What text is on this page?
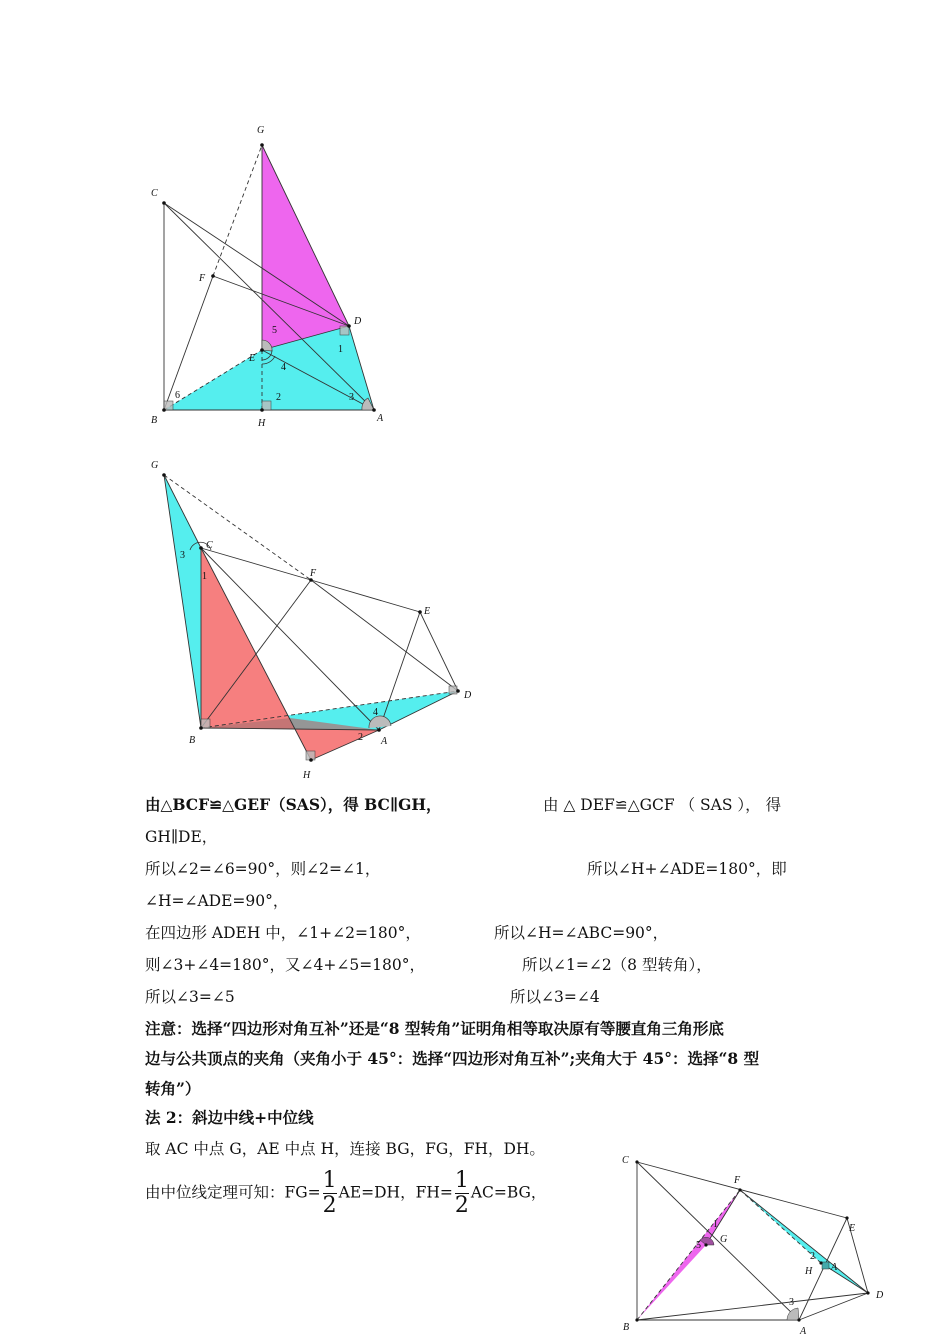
G
C
F
D
E
B	H	A
1
2	3
4
5
6
G
C
F
E
D
B	A
H
1
2
3
4
由△BCF≌△GEF（SAS），得 BC∥GH，	由 △ DEF≌△GCF （ SAS ）， 得
GH∥DE，
所以∠2=∠6=90°，则∠2=∠1，	所以∠H+∠ADE=180°，即
∠H=∠ADE=90°，
在四边形 ADEH 中，∠1+∠2=180°，	所以∠H=∠ABC=90°，
则∠3+∠4=180°，又∠4+∠5=180°，	所以∠1=∠2（8 型转角），
所以∠3=∠5	所以∠3=∠4
注意：选择“四边形对角互补”还是“8 型转角”证明角相等取决原有等腰直角三角形底
边与公共顶点的夹角（夹角小于 45°：选择“四边形对角互补”;夹角大于 45°：选择“8 型
转角”）
法 2：斜边中线+中位线
取 AC 中点 G，AE 中点 H，连接 BG，FG，FH，DH。
由中位线定理可知：$FG= \frac{1}{2} AE=DH$，$FH= \frac{1}{2} AC=BG$，
C
F
E
G
H A
D
B	A
1
2
3
5
